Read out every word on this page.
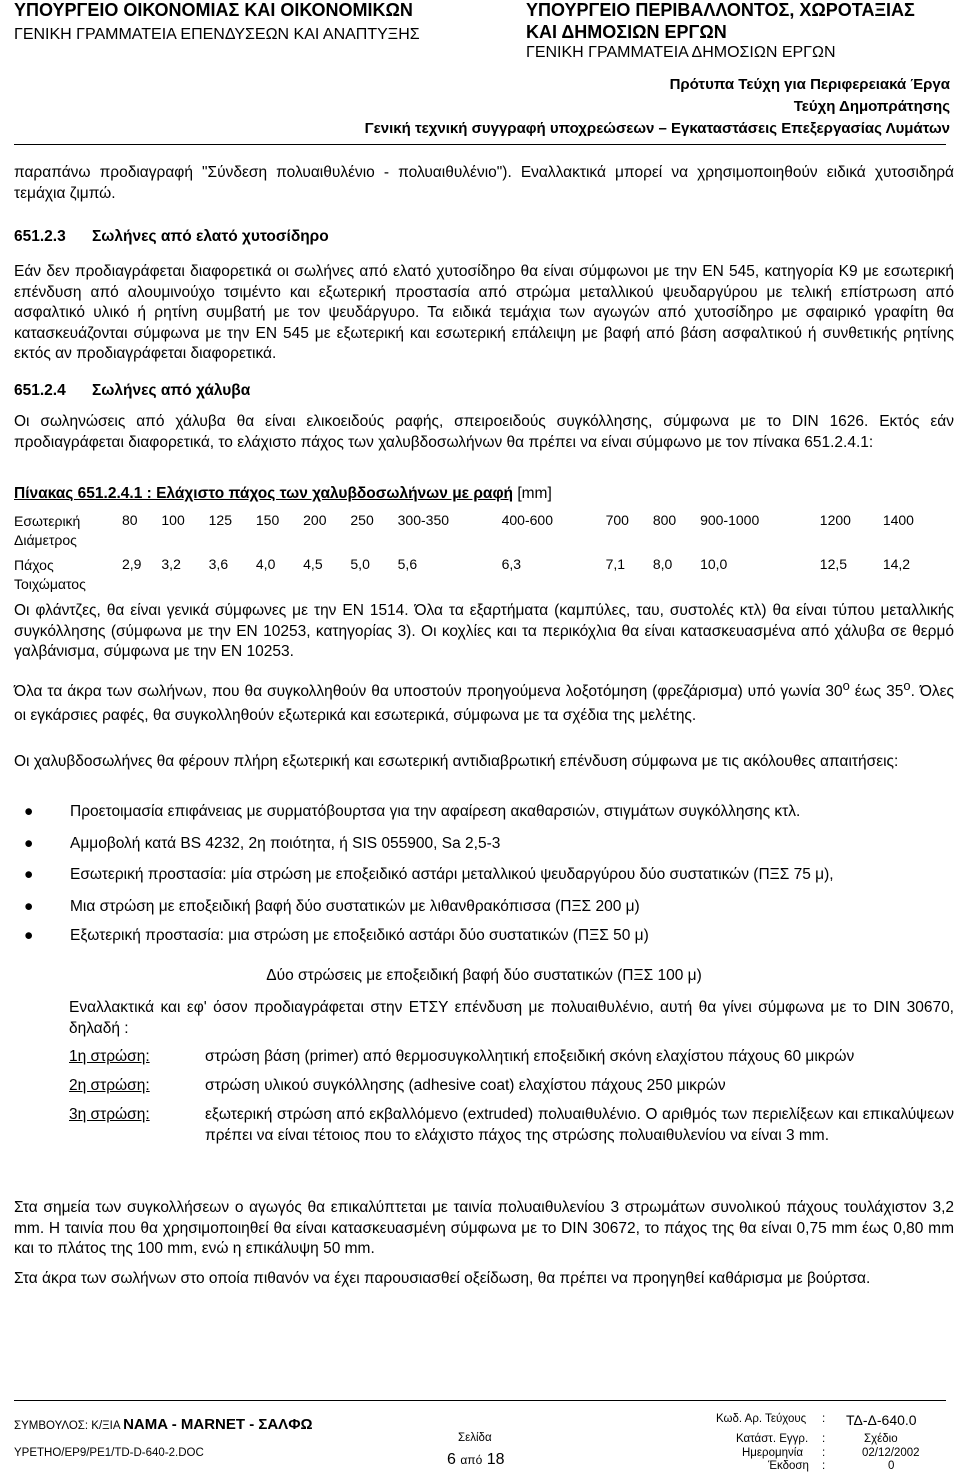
ΥΠΟΥΡΓΕΙΟ ΟΙΚΟΝΟΜΙΑΣ ΚΑΙ ΟΙΚΟΝΟΜΙΚΩΝ
ΓΕΝΙΚΗ ΓΡΑΜΜΑΤΕΙΑ ΕΠΕΝΔΥΣΕΩΝ ΚΑΙ ΑΝΑΠΤΥΞΗΣ
ΥΠΟΥΡΓΕΙΟ ΠΕΡΙΒΑΛΛΟΝΤΟΣ, ΧΩΡΟΤΑΞΙΑΣ
ΚΑΙ ΔΗΜΟΣΙΩΝ ΕΡΓΩΝ
ΓΕΝΙΚΗ ΓΡΑΜΜΑΤΕΙΑ ΔΗΜΟΣΙΩΝ ΕΡΓΩΝ
Πρότυπα Τεύχη για Περιφερειακά Έργα
Τεύχη Δημοπράτησης
Γενική τεχνική συγγραφή υποχρεώσεων – Εγκαταστάσεις Επεξεργασίας Λυμάτων

παραπάνω προδιαγραφή "Σύνδεση πολυαιθυλένιο - πολυαιθυλένιο"). Εναλλακτικά μπορεί να χρησιμοποιηθούν ειδικά χυτοσιδηρά τεμάχια ζιμπώ.

651.2.3 Σωλήνες από ελατό χυτοσίδηρο

Εάν δεν προδιαγράφεται διαφορετικά οι σωλήνες από ελατό χυτοσίδηρο θα είναι σύμφωνοι με την EN 545, κατηγορία K9 με εσωτερική επένδυση από αλουμινούχο τσιμέντο και εξωτερική προστασία από στρώμα μεταλλικού ψευδαργύρου με τελική επίστρωση από ασφαλτικό υλικό ή ρητίνη συμβατή με τον ψευδάργυρο. Τα ειδικά τεμάχια των αγωγών από χυτοσίδηρο με σφαιρικό γραφίτη θα κατασκευάζονται σύμφωνα με την EN 545 με εξωτερική και εσωτερική επάλειψη με βαφή από βάση ασφαλτικού ή συνθετικής ρητίνης εκτός αν προδιαγράφεται διαφορετικά.

651.2.4 Σωλήνες από χάλυβα

Οι σωληνώσεις από χάλυβα θα είναι ελικοειδούς ραφής, σπειροειδούς συγκόλλησης, σύμφωνα με το DIN 1626. Εκτός εάν προδιαγράφεται διαφορετικά, το ελάχιστο πάχος των χαλυβδοσωλήνων θα πρέπει να είναι σύμφωνο με τον πίνακα 651.2.4.1:

Πίνακας 651.2.4.1 : Ελάχιστο πάχος των χαλυβδοσωλήνων με ραφή [mm]
Εσωτερική
Διάμετρος	80	100	125	150	200	250	300-350	400-600	700	800	900-1000	1200	1400
Πάχος
Τοιχώματος	2,9	3,2	3,6	4,0	4,5	5,0	5,6	6,3	7,1	8,0	10,0	12,5	14,2

Οι φλάντζες, θα είναι γενικά σύμφωνες με την EN 1514. Όλα τα εξαρτήματα (καμπύλες, ταυ, συστολές κτλ) θα είναι τύπου μεταλλικής συγκόλλησης (σύμφωνα με την EN 10253, κατηγορίας 3). Οι κοχλίες και τα περικόχλια θα είναι κατασκευασμένα από χάλυβα σε θερμό γαλβάνισμα, σύμφωνα με την EN 10253.

Όλα τα άκρα των σωλήνων, που θα συγκολληθούν θα υποστούν προηγούμενα λοξοτόμηση (φρεζάρισμα) υπό γωνία 30$^o$ έως 35$^o$. Όλες οι εγκάρσιες ραφές, θα συγκολληθούν εξωτερικά και εσωτερικά, σύμφωνα με τα σχέδια της μελέτης.

Οι χαλυβδοσωλήνες θα φέρουν πλήρη εξωτερική και εσωτερική αντιδιαβρωτική επένδυση σύμφωνα με τις ακόλουθες απαιτήσεις:

● Προετοιμασία επιφάνειας με συρματόβουρτσα για την αφαίρεση ακαθαρσιών, στιγμάτων συγκόλλησης κτλ.
● Αμμοβολή κατά BS 4232, 2η ποιότητα, ή SIS 055900, Sa 2,5-3
● Εσωτερική προστασία: μία στρώση με εποξειδικό αστάρι μεταλλικού ψευδαργύρου δύο συστατικών (ΠΞΣ 75 μ),
● Μια στρώση με εποξειδική βαφή δύο συστατικών με λιθανθρακόπισσα (ΠΞΣ 200 μ)
● Εξωτερική προστασία: μια στρώση με εποξειδικό αστάρι δύο συστατικών (ΠΞΣ 50 μ)
Δύο στρώσεις με εποξειδική βαφή δύο συστατικών (ΠΞΣ 100 μ)

Εναλλακτικά και εφ' όσον προδιαγράφεται στην ΕΤΣΥ επένδυση με πολυαιθυλένιο, αυτή θα γίνει σύμφωνα με το DIN 30670, δηλαδή :

1η στρώση:	στρώση βάση (primer) από θερμοσυγκολλητική εποξειδική σκόνη ελαχίστου πάχους 60 μικρών
2η στρώση:	στρώση υλικού συγκόλλησης (adhesive coat) ελαχίστου πάχους 250 μικρών
3η στρώση:	εξωτερική στρώση από εκβαλλόμενο (extruded) πολυαιθυλένιο. Ο αριθμός των περιελίξεων και επικαλύψεων πρέπει να είναι τέτοιος που το ελάχιστο πάχος της στρώσης πολυαιθυλενίου να είναι 3 mm.

Στα σημεία των συγκολλήσεων ο αγωγός θα επικαλύπτεται με ταινία πολυαιθυλενίου 3 στρωμάτων συνολικού πάχους τουλάχιστον 3,2 mm. Η ταινία που θα χρησιμοποιηθεί θα είναι κατασκευασμένη σύμφωνα με το DIN 30672, το πάχος της θα είναι 0,75 mm έως 0,80 mm και το πλάτος της 100 mm, ενώ η επικάλυψη 50 mm.

Στα άκρα των σωλήνων στο οποία πιθανόν να έχει παρουσιασθεί οξείδωση, θα πρέπει να προηγηθεί καθάρισμα με βούρτσα.

ΣΥΜΒΟΥΛΟΣ: Κ/ΞΙΑ NAMA - MARNET - ΣΑΛΦΩ
YPETHO/EP9/PE1/TD-D-640-2.DOC
Σελίδα
6 από 18
Κωδ. Αρ. Τεύχους : ΤΔ-Δ-640.0
Κατάστ. Εγγρ. :	Σχέδιο
Ημερομηνία :	02/12/2002
Έκδοση :	0
